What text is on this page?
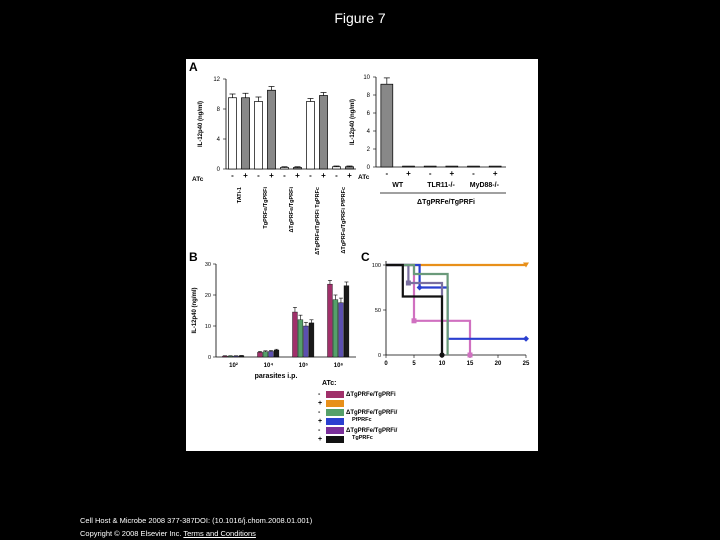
Figure 7
A
B	C
0
4
8
12
IL-12p40 (ng/ml)
- + - + - + - + - +
ATc
TATi-1	TgPRFe/TgPRFi	ΔTgPRFe/TgPRFi	ΔTgPRFe/TgPRFi TgPRFc	ΔTgPRFe/TgPRFi PfPRFc
0
2
4
6
8
10
IL-12p40 (ng/ml)
- + - + - +
ATc
WT	TLR11-/- MyD88-/-
ΔTgPRFe/TgPRFi
0
10
20
30
IL-12p40 (ng/ml)
10²	10⁴	10⁵	10⁶
parasites i.p.
0
50
100
0	5	10	15	20	25
ATc:
-	ΔTgPRFe/TgPRFi
+
-	ΔTgPRFe/TgPRFi/
PfPRFc
+
-	ΔTgPRFe/TgPRFi/
TgPRFc
+
Cell Host & Microbe 2008 377-387DOI: (10.1016/j.chom.2008.01.001)
Copyright © 2008 Elsevier Inc. Terms and Conditions
